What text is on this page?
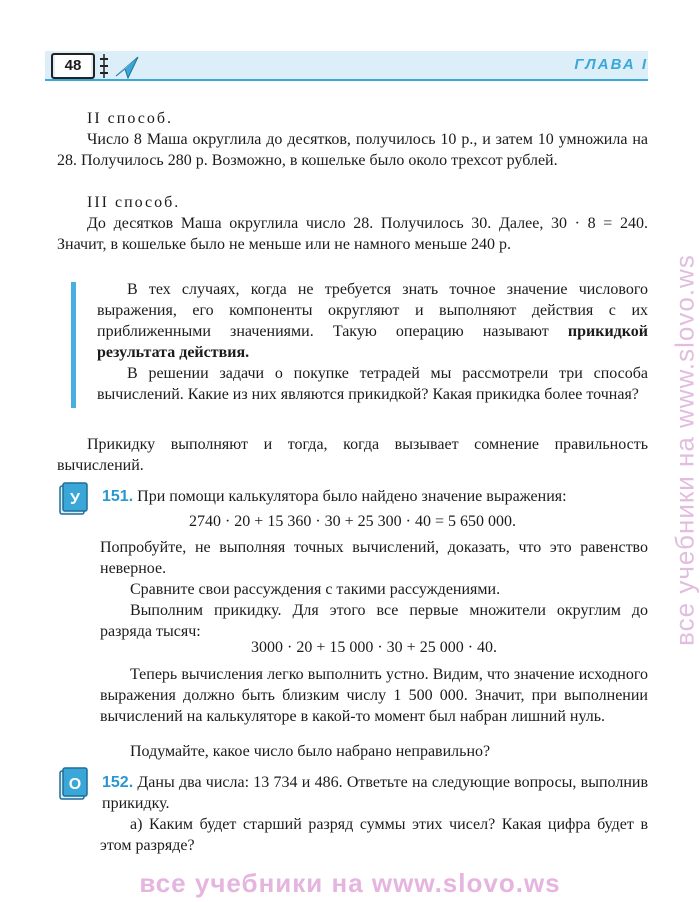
48	ГЛАВА I

II способ.

Число 8 Маша округлила до десятков, получилось 10 р., и затем 10 умножила на 28. Получилось 280 р. Возможно, в кошельке было около трехсот рублей.

III способ.

До десятков Маша округлила число 28. Получилось 30. Далее, 30 · 8 = 240. Значит, в кошельке было не меньше или не намного меньше 240 р.

В тех случаях, когда не требуется знать точное значение числового выражения, его компоненты округляют и выполняют действия с их приближенными значениями. Такую операцию называют прикидкой результата действия.

В решении задачи о покупке тетрадей мы рассмотрели три способа вычислений. Какие из них являются прикидкой? Какая прикидка более точная?

Прикидку выполняют и тогда, когда вызывает сомнение правильность вычислений.

У 151. При помощи калькулятора было найдено значение выражения:

2740 · 20 + 15 360 · 30 + 25 300 · 40 = 5 650 000.

Попробуйте, не выполняя точных вычислений, доказать, что это равенство неверное.

Сравните свои рассуждения с такими рассуждениями.

Выполним прикидку. Для этого все первые множители округлим до разряда тысяч:

3000 · 20 + 15 000 · 30 + 25 000 · 40.

Теперь вычисления легко выполнить устно. Видим, что значение исходного выражения должно быть близким числу 1 500 000. Значит, при выполнении вычислений на калькуляторе в какой-то момент был набран лишний нуль.

Подумайте, какое число было набрано неправильно?

О 152. Даны два числа: 13 734 и 486. Ответьте на следующие вопросы, выполнив прикидку.

а) Каким будет старший разряд суммы этих чисел? Какая цифра будет в этом разряде?

все учебники на www.slovo.ws
все учебники на www.slovo.ws
